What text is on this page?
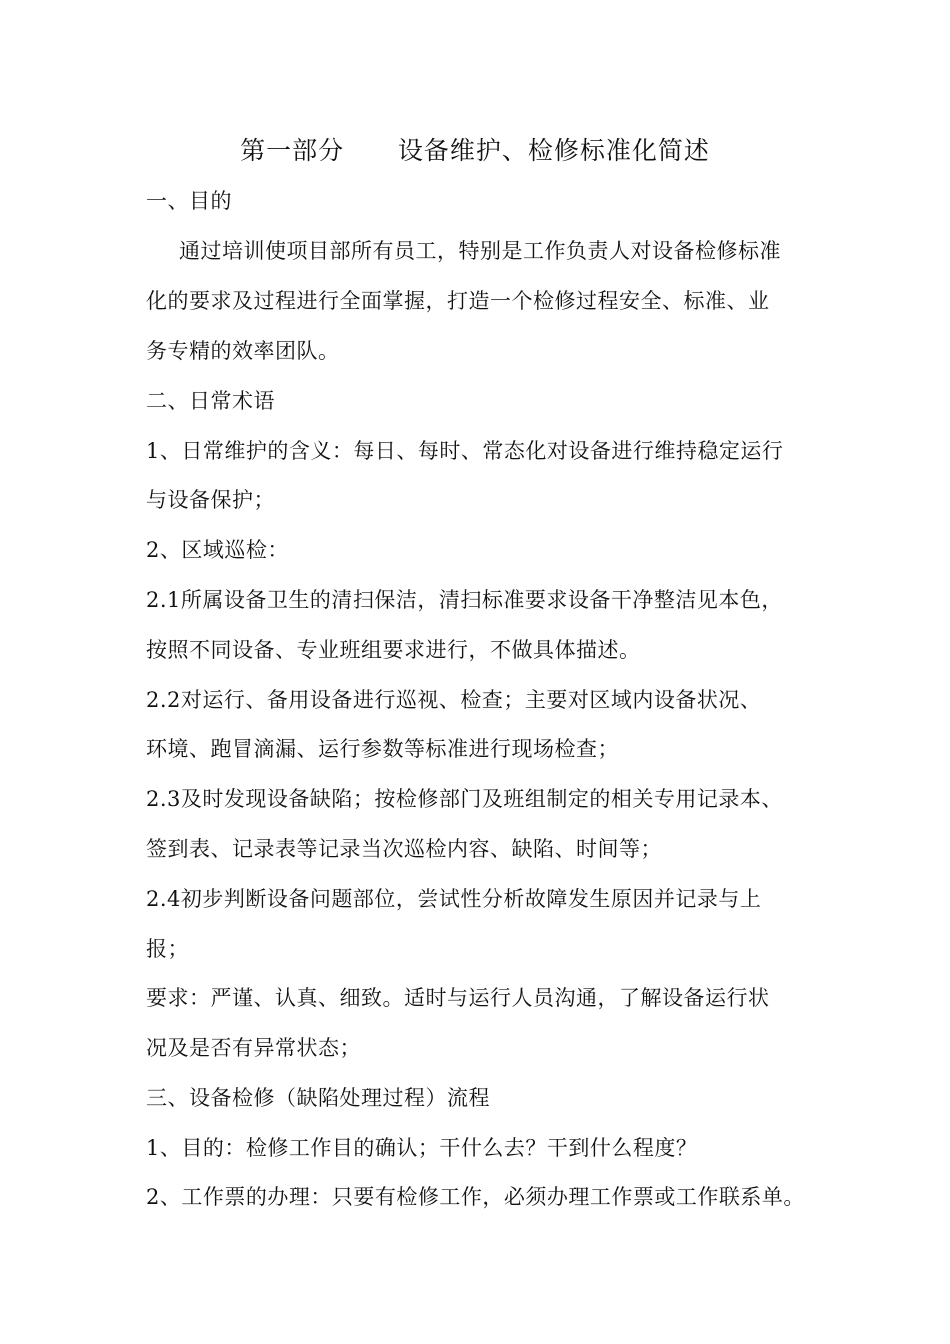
第一部分      设备维护、检修标准化简述
一、目的
通过培训使项目部所有员工，特别是工作负责人对设备检修标准
化的要求及过程进行全面掌握，打造一个检修过程安全、标准、业
务专精的效率团队。
二、日常术语
1、日常维护的含义：每日、每时、常态化对设备进行维持稳定运行
与设备保护；
2、区域巡检：
2.1所属设备卫生的清扫保洁，清扫标准要求设备干净整洁见本色，
按照不同设备、专业班组要求进行，不做具体描述。
2.2对运行、备用设备进行巡视、检查；主要对区域内设备状况、
环境、跑冒滴漏、运行参数等标准进行现场检查；
2.3及时发现设备缺陷；按检修部门及班组制定的相关专用记录本、
签到表、记录表等记录当次巡检内容、缺陷、时间等；
2.4初步判断设备问题部位，尝试性分析故障发生原因并记录与上
报；
要求：严谨、认真、细致。适时与运行人员沟通，了解设备运行状
况及是否有异常状态；
三、设备检修（缺陷处理过程）流程
1、目的：检修工作目的确认；干什么去？干到什么程度？
2、工作票的办理：只要有检修工作，必须办理工作票或工作联系单。
